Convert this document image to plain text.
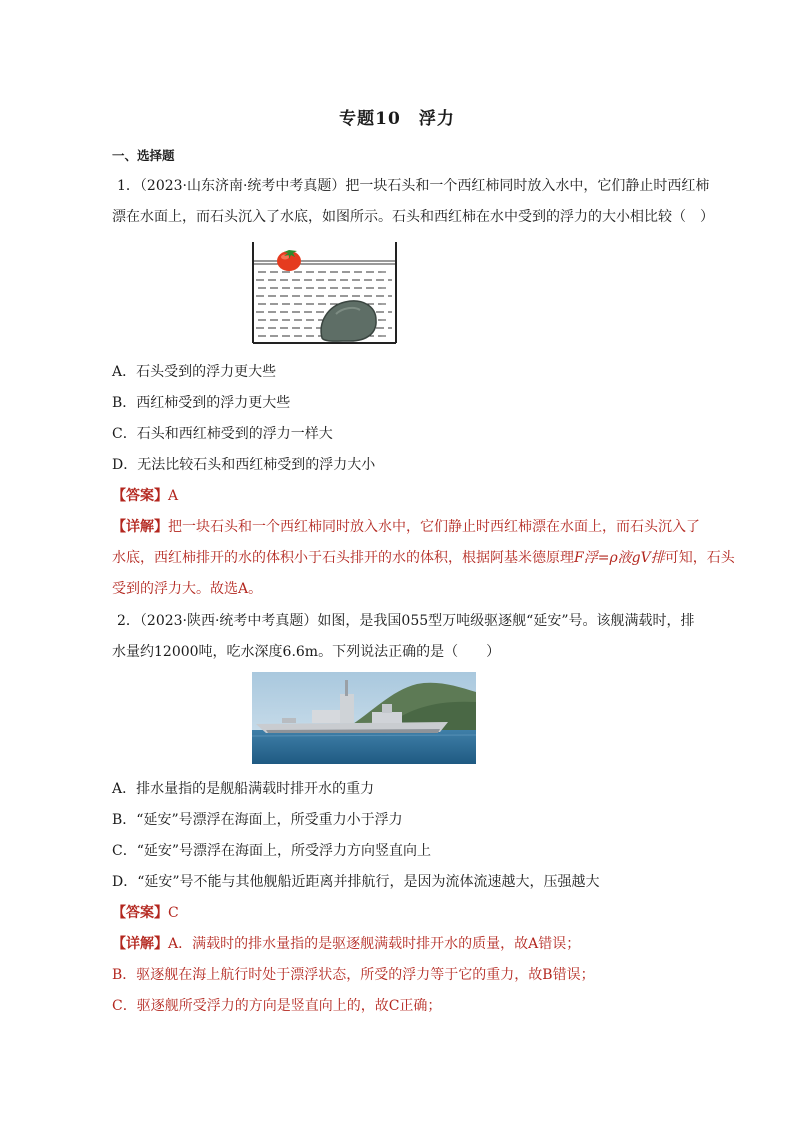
专题10　浮力
一、选择题
1．（2023·山东济南·统考中考真题）把一块石头和一个西红柿同时放入水中，它们静止时西红柿
漂在水面上，而石头沉入了水底，如图所示。石头和西红柿在水中受到的浮力的大小相比较（　）
A．石头受到的浮力更大些
B．西红柿受到的浮力更大些
C．石头和西红柿受到的浮力一样大
D．无法比较石头和西红柿受到的浮力大小
【答案】A
【详解】把一块石头和一个西红柿同时放入水中，它们静止时西红柿漂在水面上，而石头沉入了
水底，西红柿排开的水的体积小于石头排开的水的体积，根据阿基米德原理F浮=ρ液gV排可知，石头
受到的浮力大。故选A。
2．（2023·陕西·统考中考真题）如图，是我国055型万吨级驱逐舰“延安”号。该舰满载时，排
水量约12000吨，吃水深度6.6m。下列说法正确的是（　　）
A．排水量指的是舰船满载时排开水的重力
B．“延安”号漂浮在海面上，所受重力小于浮力
C．“延安”号漂浮在海面上，所受浮力方向竖直向上
D．“延安”号不能与其他舰船近距离并排航行，是因为流体流速越大，压强越大
【答案】C
【详解】A．满载时的排水量指的是驱逐舰满载时排开水的质量，故A错误；
B．驱逐舰在海上航行时处于漂浮状态，所受的浮力等于它的重力，故B错误；
C．驱逐舰所受浮力的方向是竖直向上的，故C正确；
